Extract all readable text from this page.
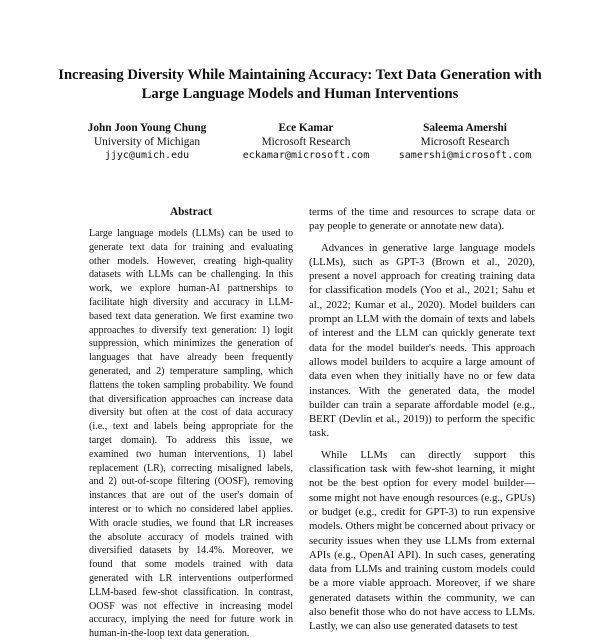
Increasing Diversity While Maintaining Accuracy: Text Data Generation with Large Language Models and Human Interventions
John Joon Young Chung
University of Michigan
jjyc@umich.edu
Ece Kamar
Microsoft Research
eckamar@microsoft.com
Saleema Amershi
Microsoft Research
samershi@microsoft.com
Abstract

Large language models (LLMs) can be used to generate text data for training and evaluating other models. However, creating high-quality datasets with LLMs can be challenging. In this work, we explore human-AI partnerships to facilitate high diversity and accuracy in LLM-based text data generation. We first examine two approaches to diversify text generation: 1) logit suppression, which minimizes the generation of languages that have already been frequently generated, and 2) temperature sampling, which flattens the token sampling probability. We found that diversification approaches can increase data diversity but often at the cost of data accuracy (i.e., text and labels being appropriate for the target domain). To address this issue, we examined two human interventions, 1) label replacement (LR), correcting misaligned labels, and 2) out-of-scope filtering (OOSF), removing instances that are out of the user's domain of interest or to which no considered label applies. With oracle studies, we found that LR increases the absolute accuracy of models trained with diversified datasets by 14.4%. Moreover, we found that some models trained with data generated with LR interventions outperformed LLM-based few-shot classification. In contrast, OOSF was not effective in increasing model accuracy, implying the need for future work in human-in-the-loop text data generation.

terms of the time and resources to scrape data or pay people to generate or annotate new data).

Advances in generative large language models (LLMs), such as GPT-3 (Brown et al., 2020), present a novel approach for creating training data for classification models (Yoo et al., 2021; Sahu et al., 2022; Kumar et al., 2020). Model builders can prompt an LLM with the domain of texts and labels of interest and the LLM can quickly generate text data for the model builder's needs. This approach allows model builders to acquire a large amount of data even when they initially have no or few data instances. With the generated data, the model builder can train a separate affordable model (e.g., BERT (Devlin et al., 2019)) to perform the specific task.

While LLMs can directly support this classification task with few-shot learning, it might not be the best option for every model builder—some might not have enough resources (e.g., GPUs) or budget (e.g., credit for GPT-3) to run expensive models. Others might be concerned about privacy or security issues when they use LLMs from external APIs (e.g., OpenAI API). In such cases, generating data from LLMs and training custom models could be a more viable approach. Moreover, if we share generated datasets within the community, we can also benefit those who do not have access to LLMs. Lastly, we can also use generated datasets to test
